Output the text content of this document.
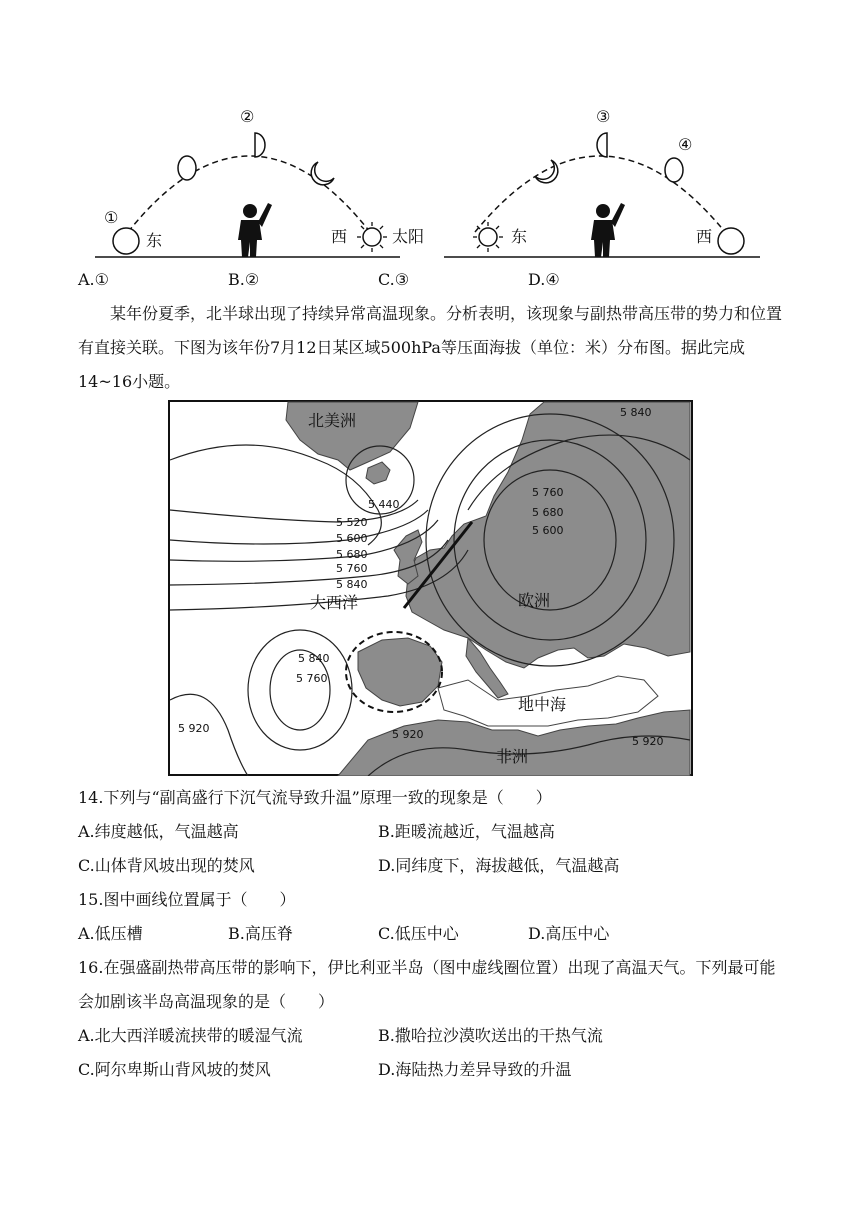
①
②
东	西	太阳
③
④
东	西
A.①	B.②	C.③	D.④
某年份夏季，北半球出现了持续异常高温现象。分析表明，该现象与副热带高压带的势力和位置有直接关联。下图为该年份7月12日某区域500hPa等压面海拔（单位：米）分布图。据此完成14~16小题。
北美洲
大西洋	欧洲
地中海
非洲
5 840
5 440
5 520
5 600
5 680
5 760
5 840
5 760
5 680
5 600
5 840
5 760
5 920	5 920
5 920
14.下列与“副高盛行下沉气流导致升温”原理一致的现象是（　　）
A.纬度越低，气温越高	B.距暖流越近，气温越高
C.山体背风坡出现的焚风	D.同纬度下，海拔越低，气温越高
15.图中画线位置属于（　　）
A.低压槽	B.高压脊	C.低压中心	D.高压中心
16.在强盛副热带高压带的影响下，伊比利亚半岛（图中虚线圈位置）出现了高温天气。下列最可能会加剧该半岛高温现象的是（　　）
A.北大西洋暖流挟带的暖湿气流	B.撒哈拉沙漠吹送出的干热气流
C.阿尔卑斯山背风坡的焚风	D.海陆热力差异导致的升温
